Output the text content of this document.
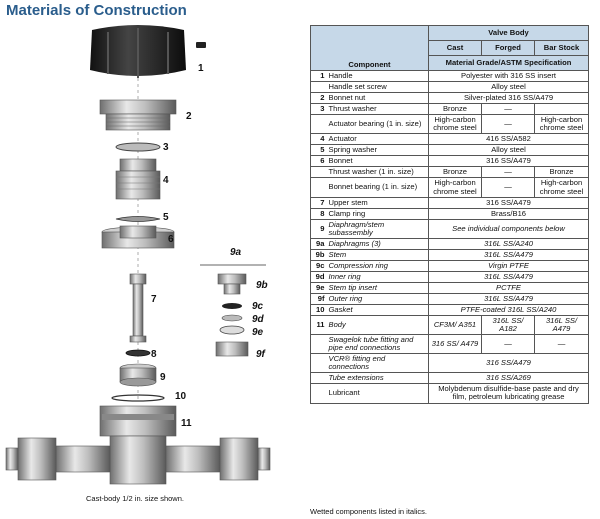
Materials of Construction
1
2
3
4
5
6
7
8
9
10
11
9a
9b
9c
9d
9e
9f
Cast-body 1/2 in. size shown.
Component		Valve Body		
		Cast	Forged	Bar Stock
		Material Grade/ASTM Specification		
1	Handle	Polyester with 316 SS insert		
	Handle set screw	Alloy steel		
2	Bonnet nut	Silver-plated 316 SS/A479		
3	Thrust washer	Bronze	—	
	Actuator bearing (1 in. size)	High-carbon chrome steel	—	High-carbon chrome steel
4	Actuator	416 SS/A582		
5	Spring washer	Alloy steel		
6	Bonnet	316 SS/A479		
	Thrust washer (1 in. size)	Bronze	—	Bronze
	Bonnet bearing (1 in. size)	High-carbon chrome steel	—	High-carbon chrome steel
7	Upper stem	316 SS/A479		
8	Clamp ring	Brass/B16		
9	Diaphragm/stem subassembly	See individual components below		
9a	Diaphragms (3)	316L SS/A240		
9b	Stem	316L SS/A479		
9c	Compression ring	Virgin PTFE		
9d	Inner ring	316L SS/A479		
9e	Stem tip insert	PCTFE		
9f	Outer ring	316L SS/A479		
10	Gasket	PTFE-coated 316L SS/A240		
11	Body	CF3M/ A351	316L SS/ A182	316L SS/ A479
	Swagelok tube fitting and pipe end connections	316 SS/ A479	—	—
	VCR® fitting end connections	316 SS/A479		
	Tube extensions	316 SS/A269		
	Lubricant	Molybdenum disulfide-base paste and dry film, petroleum lubricating grease		
Wetted components listed in italics.
